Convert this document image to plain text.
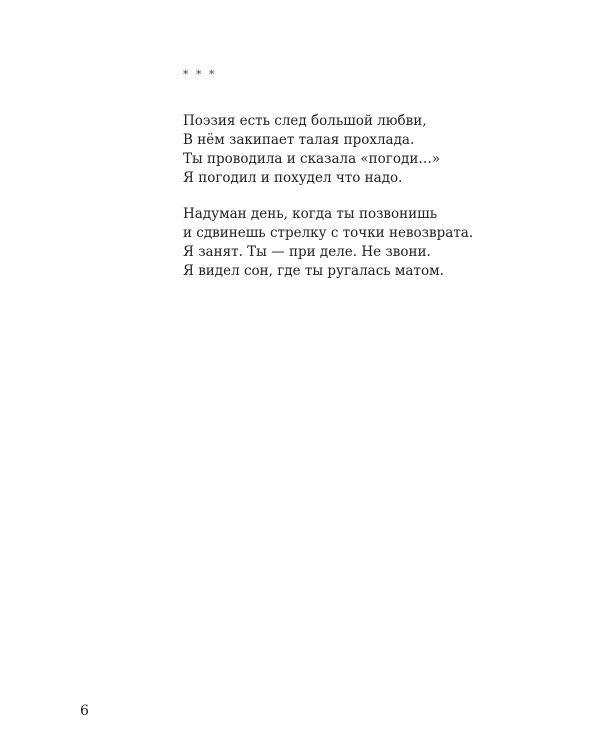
* * *
Поэзия есть след большой любви,
В нём закипает талая прохлада.
Ты проводила и сказала «погоди…»
Я погодил и похудел что надо.
Надуман день, когда ты позвонишь
и сдвинешь стрелку с точки невозврата.
Я занят. Ты — при деле. Не звони.
Я видел сон, где ты ругалась матом.
6
